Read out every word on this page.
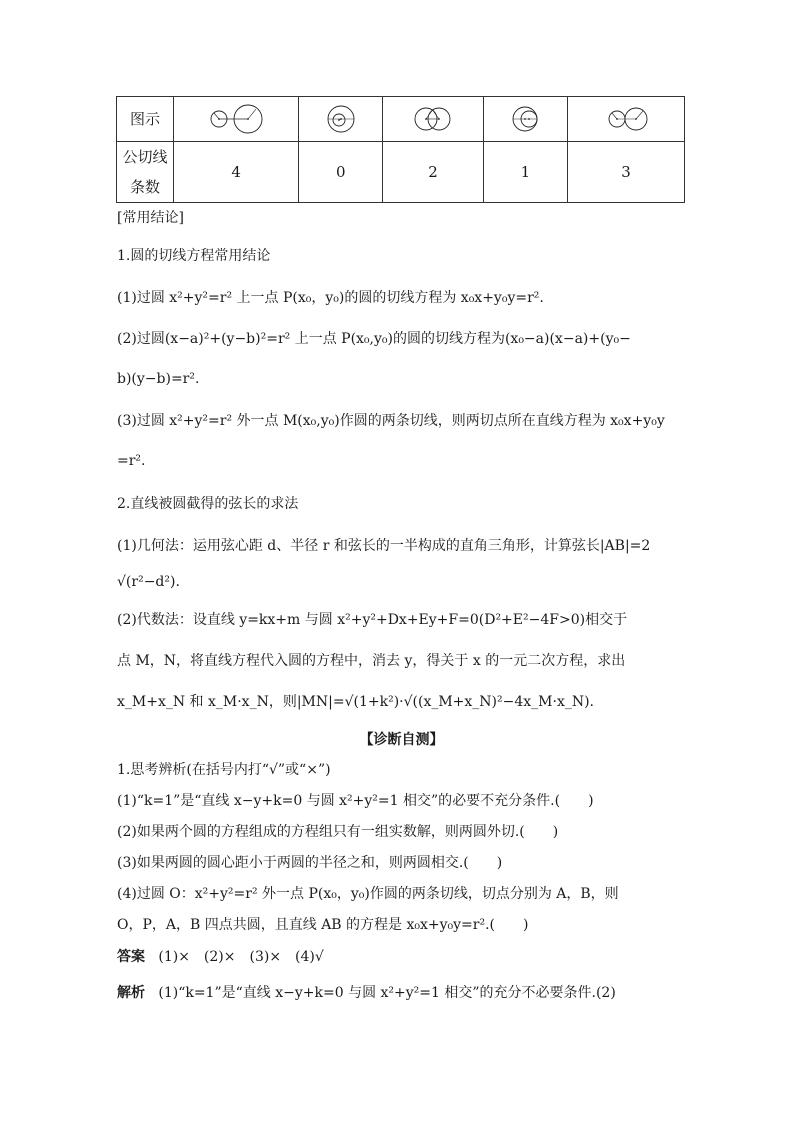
图示

公切线
条数	4	0	2	1	3
[常用结论]
1.圆的切线方程常用结论
(1)过圆 x²+y²=r² 上一点 P(x₀，y₀)的圆的切线方程为 x₀x+y₀y=r².
(2)过圆(x−a)²+(y−b)²=r² 上一点 P(x₀,y₀)的圆的切线方程为(x₀−a)(x−a)+(y₀−
b)(y−b)=r².
(3)过圆 x²+y²=r² 外一点 M(x₀,y₀)作圆的两条切线，则两切点所在直线方程为 x₀x+y₀y
=r².
2.直线被圆截得的弦长的求法
(1)几何法：运用弦心距 d、半径 r 和弦长的一半构成的直角三角形，计算弦长|AB|=2
√(r²−d²).
(2)代数法：设直线 y=kx+m 与圆 x²+y²+Dx+Ey+F=0(D²+E²−4F>0)相交于
点 M，N，将直线方程代入圆的方程中，消去 y，得关于 x 的一元二次方程，求出
x_M+x_N 和 x_M·x_N，则|MN|=√(1+k²)·√((x_M+x_N)²−4x_M·x_N).
【诊断自测】
1.思考辨析(在括号内打“√”或“×”)
(1)“k=1”是“直线 x−y+k=0 与圆 x²+y²=1 相交”的必要不充分条件.(　　)
(2)如果两个圆的方程组成的方程组只有一组实数解，则两圆外切.(　　)
(3)如果两圆的圆心距小于两圆的半径之和，则两圆相交.(　　)
(4)过圆 O：x²+y²=r² 外一点 P(x₀，y₀)作圆的两条切线，切点分别为 A，B，则
O，P，A，B 四点共圆，且直线 AB 的方程是 x₀x+y₀y=r².(　　)
答案 (1)×　(2)×　(3)×　(4)√
解析 (1)“k=1”是“直线 x−y+k=0 与圆 x²+y²=1 相交”的充分不必要条件.(2)
